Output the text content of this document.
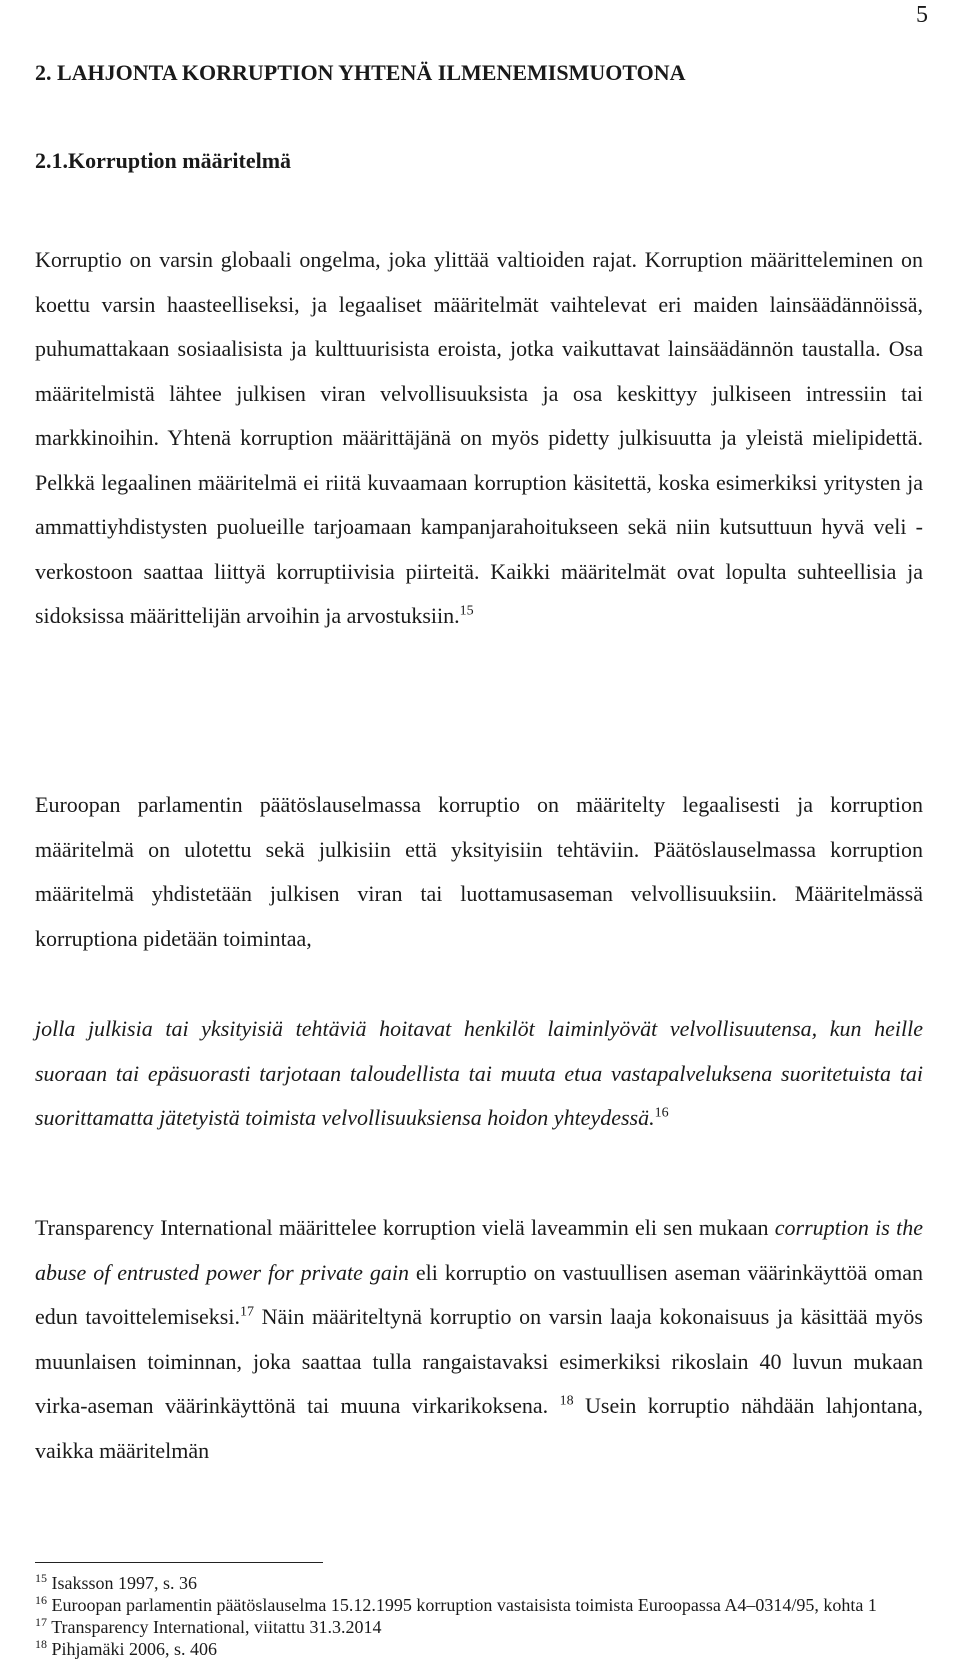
5
2. LAHJONTA KORRUPTION YHTENÄ ILMENEMISMUOTONA
2.1.Korruption määritelmä

Korruptio on varsin globaali ongelma, joka ylittää valtioiden rajat. Korruption määritteleminen on koettu varsin haasteelliseksi, ja legaaliset määritelmät vaihtelevat eri maiden lainsäädännöissä, puhumattakaan sosiaalisista ja kulttuurisista eroista, jotka vaikuttavat lainsäädännön taustalla. Osa määritelmistä lähtee julkisen viran velvollisuuksista ja osa keskittyy julkiseen intressiin tai markkinoihin. Yhtenä korruption määrittäjänä on myös pidetty julkisuutta ja yleistä mielipidettä. Pelkkä legaalinen määritelmä ei riitä kuvaamaan korruption käsitettä, koska esimerkiksi yritysten ja ammattiyhdistysten puolueille tarjoamaan kampanjarahoitukseen sekä niin kutsuttuun hyvä veli -verkostoon saattaa liittyä korruptiivisia piirteitä. Kaikki määritelmät ovat lopulta suhteellisia ja sidoksissa määrittelijän arvoihin ja arvostuksiin.$^{15}$

Euroopan parlamentin päätöslauselmassa korruptio on määritelty legaalisesti ja korruption määritelmä on ulotettu sekä julkisiin että yksityisiin tehtäviin. Päätöslauselmassa korruption määritelmä yhdistetään julkisen viran tai luottamusaseman velvollisuuksiin. Määritelmässä korruptiona pidetään toimintaa,

jolla julkisia tai yksityisiä tehtäviä hoitavat henkilöt laiminlyövät velvollisuutensa, kun heille suoraan tai epäsuorasti tarjotaan taloudellista tai muuta etua vastapalveluksena suoritetuista tai suorittamatta jätetyistä toimista velvollisuuksiensa hoidon yhteydessä.$^{16}$

Transparency International määrittelee korruption vielä laveammin eli sen mukaan corruption is the abuse of entrusted power for private gain eli korruptio on vastuullisen aseman väärinkäyttöä oman edun tavoittelemiseksi.$^{17}$ Näin määriteltynä korruptio on varsin laaja kokonaisuus ja käsittää myös muunlaisen toiminnan, joka saattaa tulla rangaistavaksi esimerkiksi rikoslain 40 luvun mukaan virka-aseman väärinkäyttönä tai muuna virkarikoksena. $^{18}$ Usein korruptio nähdään lahjontana, vaikka määritelmän

$^{15}$ Isaksson 1997, s. 36
$^{16}$ Euroopan parlamentin päätöslauselma 15.12.1995 korruption vastaisista toimista Euroopassa A4–0314/95, kohta 1
$^{17}$ Transparency International, viitattu 31.3.2014
$^{18}$ Pihjamäki 2006, s. 406
